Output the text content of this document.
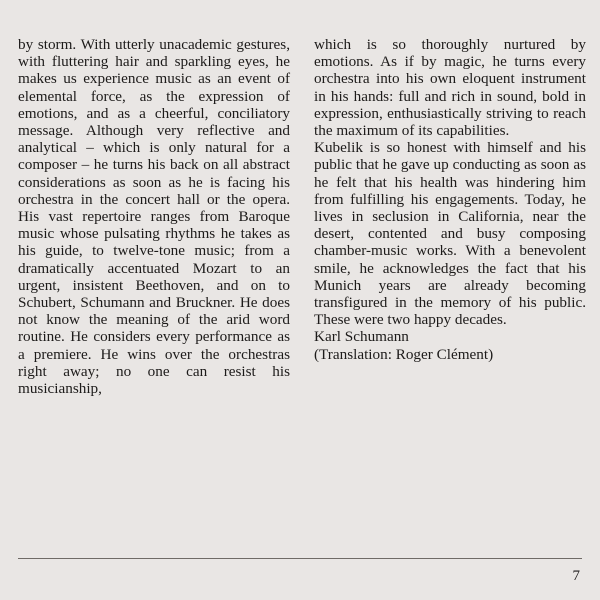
by storm. With utterly unacademic gestures, with fluttering hair and sparkling eyes, he makes us experience music as an event of elemental force, as the expression of emotions, and as a cheerful, conciliatory message. Although very reflective and analytical – which is only natural for a composer – he turns his back on all abstract considerations as soon as he is facing his orchestra in the concert hall or the opera. His vast repertoire ranges from Baroque music whose pulsating rhythms he takes as his guide, to twelve-tone music; from a dramatically accentuated Mozart to an urgent, insistent Beethoven, and on to Schubert, Schumann and Bruckner. He does not know the meaning of the arid word routine. He considers every performance as a premiere. He wins over the orchestras right away; no one can resist his musicianship,

which is so thoroughly nurtured by emotions. As if by magic, he turns every orchestra into his own eloquent instrument in his hands: full and rich in sound, bold in expression, enthusiastically striving to reach the maximum of its capabilities.

Kubelik is so honest with himself and his public that he gave up conducting as soon as he felt that his health was hindering him from fulfilling his engagements. Today, he lives in seclusion in California, near the desert, contented and busy composing chamber-music works. With a benevolent smile, he acknowledges the fact that his Munich years are already becoming transfigured in the memory of his public. These were two happy decades.

Karl Schumann

(Translation: Roger Clément)

7
